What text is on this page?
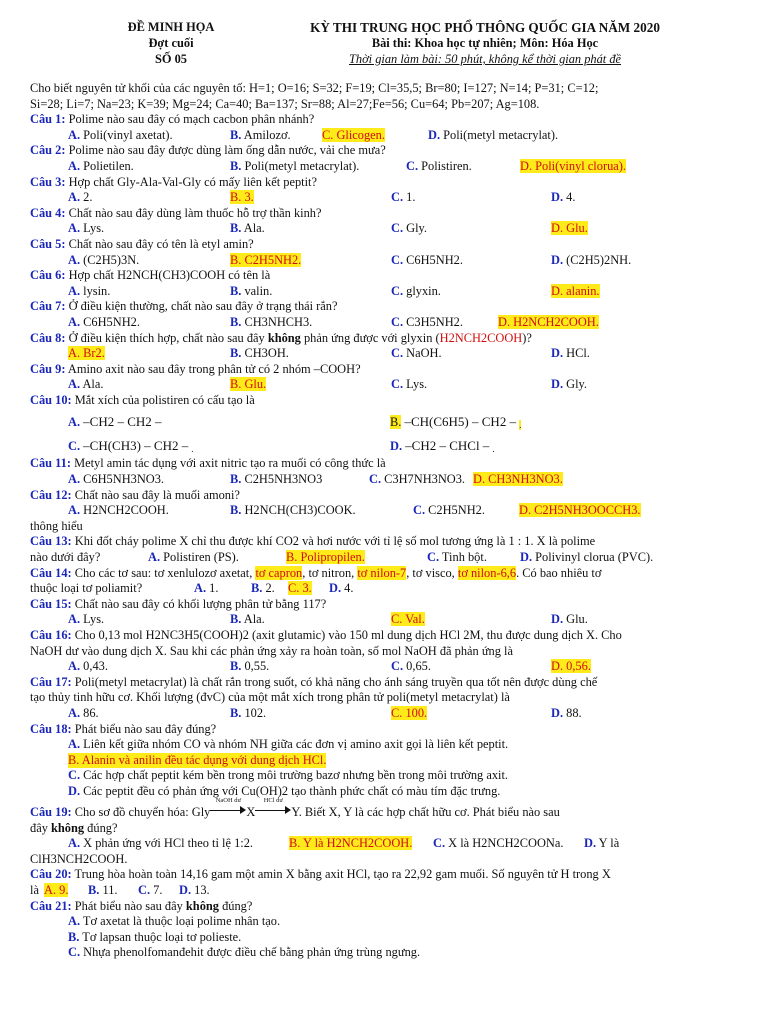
ĐỀ MINH HỌA
Đợt cuối
SỐ 05
KỲ THI TRUNG HỌC PHỔ THÔNG QUỐC GIA NĂM 2020
Bài thi: Khoa học tự nhiên; Môn: Hóa Học
Thời gian làm bài: 50 phút, không kể thời gian phát đề
Cho biết nguyên tử khối của các nguyên tố: H=1; O=16; S=32; F=19; Cl=35,5; Br=80; I=127; N=14; P=31; C=12;
Si=28; Li=7; Na=23; K=39; Mg=24; Ca=40; Ba=137; Sr=88; Al=27;Fe=56; Cu=64; Pb=207; Ag=108.
Câu 1: Polime nào sau đây có mạch cacbon phân nhánh?
A. Poli(vinyl axetat).	B. Amilozơ.	C. Glicogen.	D. Poli(metyl metacrylat).
Câu 2: Polime nào sau đây được dùng làm ống dẫn nước, vải che mưa?
A. Polietilen.	B. Poli(metyl metacrylat).	C. Polistiren.	D. Poli(vinyl clorua).
Câu 3: Hợp chất Gly-Ala-Val-Gly có mấy liên kết peptit?
A. 2.	B. 3.	C. 1.	D. 4.
Câu 4: Chất nào sau đây dùng làm thuốc hỗ trợ thần kinh?
A. Lys.	B. Ala.	C. Gly.	D. Glu.
Câu 5: Chất nào sau đây có tên là etyl amin?
A. (C2H5)3N.	B. C2H5NH2.	C. C6H5NH2.	D. (C2H5)2NH.
Câu 6: Hợp chất H2NCH(CH3)COOH có tên là
A. lysin.	B. valin.	C. glyxin.	D. alanin.
Câu 7: Ở điều kiện thường, chất nào sau đây ở trạng thái rắn?
A. C6H5NH2.	B. CH3NHCH3.	C. C3H5NH2.	D. H2NCH2COOH.
Câu 8: Ở điều kiện thích hợp, chất nào sau đây không phản ứng được với glyxin (H2NCH2COOH)?
A. Br2.	B. CH3OH.	C. NaOH.	D. HCl.
Câu 9: Amino axit nào sau đây trong phân tử có 2 nhóm –COOH?
A. Ala.	B. Glu.	C. Lys.	D. Gly.
Câu 10: Mắt xích của polistiren có cấu tạo là
A. –CH2 – CH2 –	B. –CH(C6H5) – CH2 – .
C. –CH(CH3) – CH2 – .	D. –CH2 – CHCl – .
Câu 11: Metyl amin tác dụng với axit nitric tạo ra muối có công thức là
A. C6H5NH3NO3.	B. C2H5NH3NO3	C. C3H7NH3NO3. D. CH3NH3NO3.
Câu 12: Chất nào sau đây là muối amoni?
A. H2NCH2COOH.	B. H2NCH(CH3)COOK.	C. C2H5NH2.	D. C2H5NH3OOCCH3.
thông hiểu
Câu 13: Khi đốt cháy polime X chỉ thu được khí CO2 và hơi nước với tỉ lệ số mol tương ứng là 1 : 1. X là polime
nào dưới đây?	A. Polistiren (PS).	B. Polipropilen.	C. Tinh bột.	D. Polivinyl clorua (PVC).
Câu 14: Cho các tơ sau: tơ xenlulozơ axetat, tơ capron, tơ nitron, tơ nilon-7, tơ visco, tơ nilon-6,6. Có bao nhiêu tơ
thuộc loại tơ poliamit?	A. 1.	B. 2. C. 3. D. 4.
Câu 15: Chất nào sau đây có khối lượng phân tử bằng 117?
A. Lys.	B. Ala.	C. Val.	D. Glu.
Câu 16: Cho 0,13 mol H2NC3H5(COOH)2 (axit glutamic) vào 150 ml dung dịch HCl 2M, thu được dung dịch X. Cho
NaOH dư vào dung dịch X. Sau khi các phản ứng xảy ra hoàn toàn, số mol NaOH đã phản ứng là
A. 0,43.	B. 0,55.	C. 0,65.	D. 0,56.
Câu 17: Poli(metyl metacrylat) là chất rắn trong suốt, có khả năng cho ánh sáng truyền qua tốt nên được dùng chế
tạo thủy tinh hữu cơ. Khối lượng (đvC) của một mắt xích trong phân tử poli(metyl metacrylat) là
A. 86.	B. 102.	C. 100.	D. 88.
Câu 18: Phát biểu nào sau đây đúng?
A. Liên kết giữa nhóm CO và nhóm NH giữa các đơn vị amino axit gọi là liên kết peptit.
B. Alanin và anilin đều tác dụng với dung dịch HCl.
C. Các hợp chất peptit kém bền trong môi trường bazơ nhưng bền trong môi trường axit.
D. Các peptit đều có phản ứng với Cu(OH)2 tạo thành phức chất có màu tím đặc trưng.
Câu 19: Cho sơ đồ chuyển hóa: Gly
NaOH dư
X
HCl dư
Y. Biết X, Y là các hợp chất hữu cơ. Phát biểu nào sau
đây không đúng?
A. X phản ứng với HCl theo tỉ lệ 1:2.	B. Y là H2NCH2COOH. C. X là H2NCH2COONa. D. Y là
ClH3NCH2COOH.
Câu 20: Trung hòa hoàn toàn 14,16 gam một amin X bằng axit HCl, tạo ra 22,92 gam muối. Số nguyên tử H trong X
là A. 9. B. 11. C. 7. D. 13.
Câu 21: Phát biểu nào sau đây không đúng?
A. Tơ axetat là thuộc loại polime nhân tạo.
B. Tơ lapsan thuộc loại tơ polieste.
C. Nhựa phenolfomanđehit được điều chế bằng phản ứng trùng ngưng.
